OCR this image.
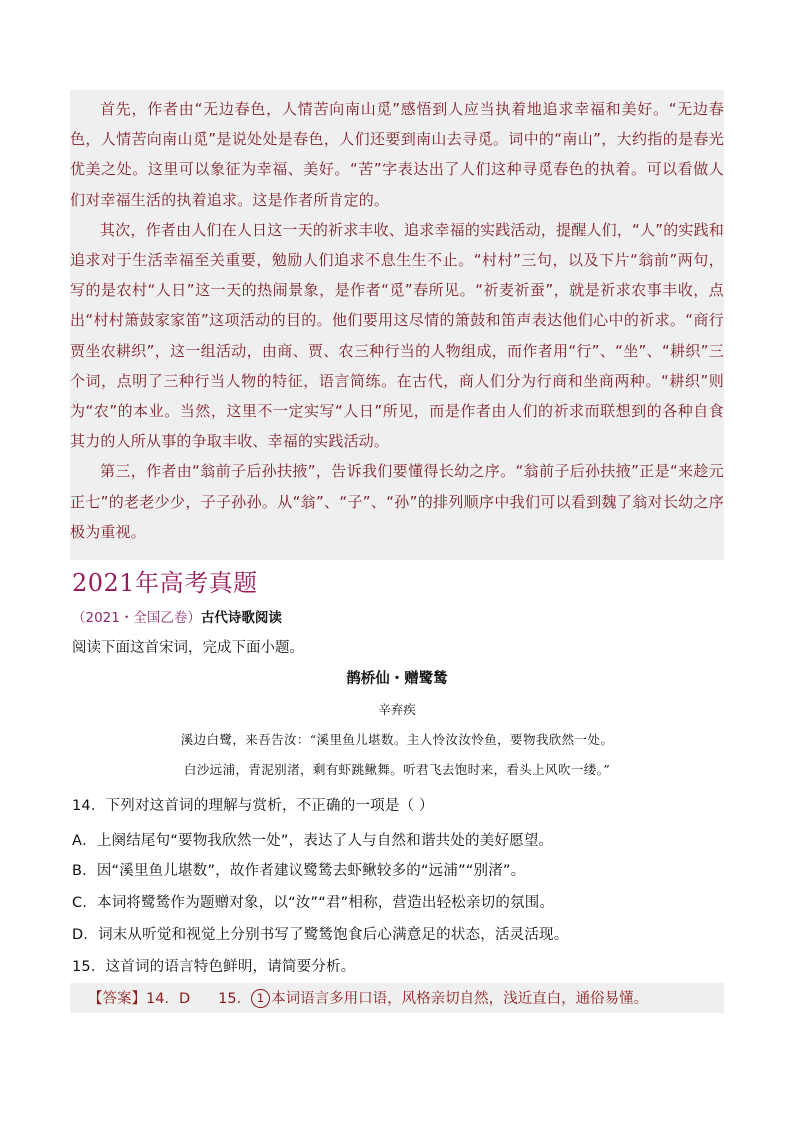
首先，作者由“无边春色，人情苦向南山觅”感悟到人应当执着地追求幸福和美好。“无边春色，人情苦向南山觅”是说处处是春色，人们还要到南山去寻觅。词中的“南山”，大约指的是春光优美之处。这里可以象征为幸福、美好。“苦”字表达出了人们这种寻觅春色的执着。可以看做人们对幸福生活的执着追求。这是作者所肯定的。

其次，作者由人们在人日这一天的祈求丰收、追求幸福的实践活动，提醒人们，“人”的实践和追求对于生活幸福至关重要，勉励人们追求不息生生不止。“村村”三句，以及下片“翁前”两句，写的是农村“人日”这一天的热闹景象，是作者“觅”春所见。“祈麦祈蚕”，就是祈求农事丰收，点出“村村箫鼓家家笛”这项活动的目的。他们要用这尽情的箫鼓和笛声表达他们心中的祈求。“商行贾坐农耕织”，这一组活动，由商、贾、农三种行当的人物组成，而作者用“行”、“坐”、“耕织”三个词，点明了三种行当人物的特征，语言简练。在古代，商人们分为行商和坐商两种。“耕织”则为“农”的本业。当然，这里不一定实写“人日”所见，而是作者由人们的祈求而联想到的各种自食其力的人所从事的争取丰收、幸福的实践活动。

第三，作者由“翁前子后孙扶掖”，告诉我们要懂得长幼之序。“翁前子后孙扶掖”正是“来趁元正七”的老老少少，子子孙孙。从“翁”、“子”、“孙”的排列顺序中我们可以看到魏了翁对长幼之序极为重视。

2021年高考真题
（2021・全国乙卷）古代诗歌阅读
阅读下面这首宋词，完成下面小题。
鹊桥仙・赠鹭鸶
辛弃疾
溪边白鹭，来吾告汝：“溪里鱼儿堪数。主人怜汝汝怜鱼，要物我欣然一处。
白沙远浦，青泥别渚，剩有虾跳鳅舞。听君飞去饱时来，看头上风吹一缕。”
14．下列对这首词的理解与赏析，不正确的一项是（ ）
A．上阕结尾句“要物我欣然一处”，表达了人与自然和谐共处的美好愿望。
B．因“溪里鱼儿堪数”，故作者建议鹭鸶去虾鳅较多的“远浦”“别渚”。
C．本词将鹭鸶作为题赠对象，以“汝”“君”相称，营造出轻松亲切的氛围。
D．词末从听觉和视觉上分别书写了鹭鸶饱食后心满意足的状态，活灵活现。
15．这首词的语言特色鲜明，请简要分析。
【答案】14．D 15． 1 本词语言多用口语，风格亲切自然，浅近直白，通俗易懂。
